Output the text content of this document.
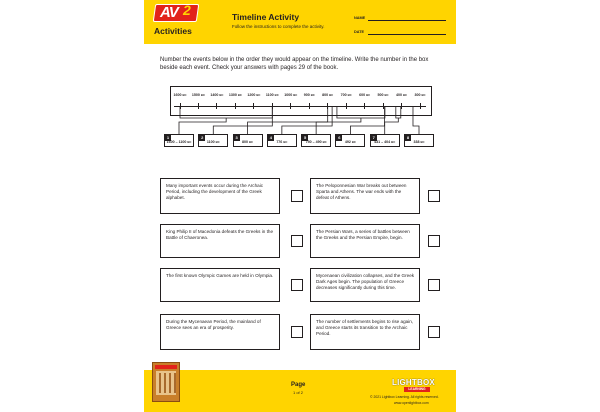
AV 2
Activities
Timeline Activity
Follow the instructions to complete the activity.
NAME
DATE
Number the events below in the order they would appear on the timeline. Write the number in the box beside each event. Check your answers with pages 29 of the book.
1600 BC 1500 BC 1400 BC 1300 BC 1200 BC 1100 BC 1000 BC 900 BC 800 BC 700 BC 600 BC 500 BC 400 BC 300 BC
1
1600 – 1100 BC
2
1100 BC
3
800 BC
4
776 BC
5
750 – 490 BC
6
492 BC
7
431 – 404 BC
8
338 BC
Many important events occur during the Archaic Period, including the development of the Greek alphabet.
King Philip II of Macedonia defeats the Greeks in the Battle of Chaeronea.
The first known Olympic Games are held in Olympia.
During the Mycenaean Period, the mainland of Greece sees an era of prosperity.
The Peloponnesian War breaks out between Sparta and Athens. The war ends with the defeat of Athens.
The Persian Wars, a series of battles between the Greeks and the Persian Empire, begin.
Mycenaean civilization collapses, and the Greek Dark Ages begin. The population of Greece decreases significantly during this time.
The number of settlements begins to rise again, and Greece starts its transition to the Archaic Period.
Page
1 of 2
LIGHTBOX
LEARNING
© 2021 Lightbox Learning. All rights reserved.
www.openlightbox.com
